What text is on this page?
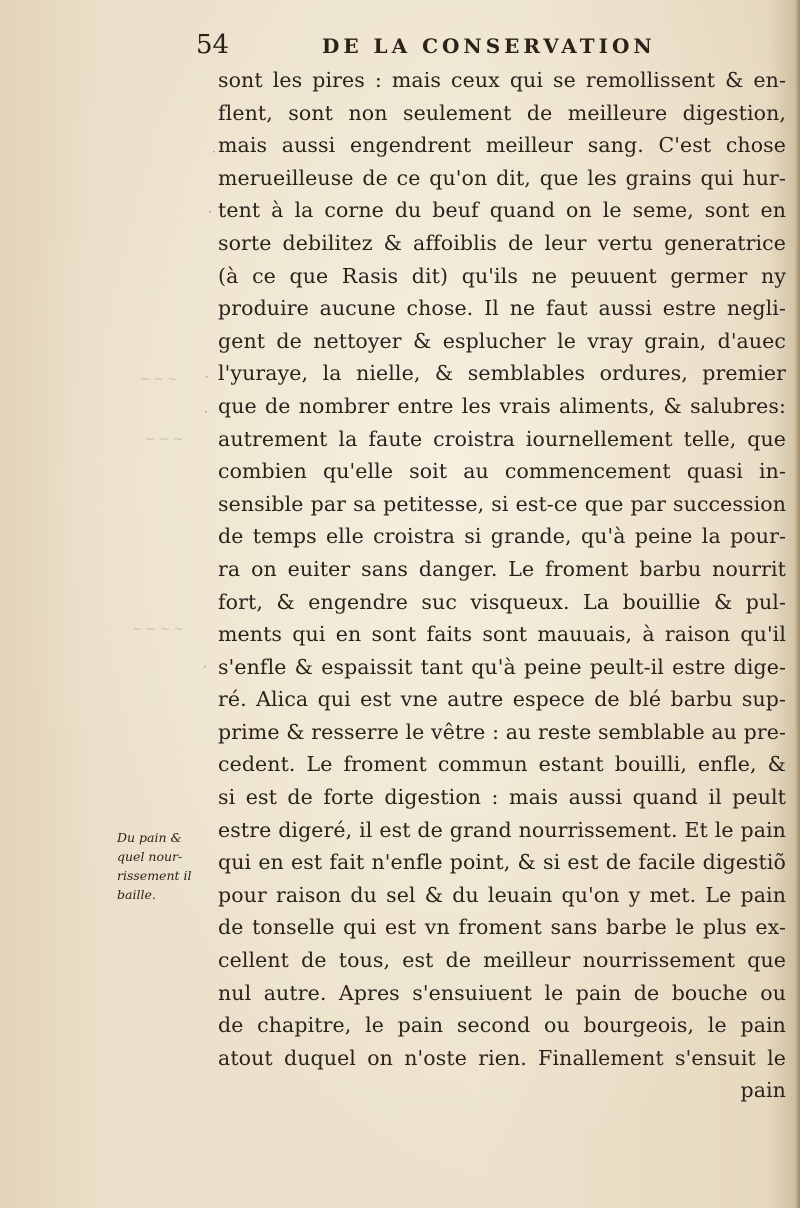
54	DE LA CONSERVATION
sont les pires : mais ceux qui se remollissent & en-
flent, sont non seulement de meilleure digestion,
mais aussi engendrent meilleur sang. C'est chose
merueilleuse de ce qu'on dit, que les grains qui hur-
tent à la corne du beuf quand on le seme, sont en
sorte debilitez & affoiblis de leur vertu generatrice
(à ce que Rasis dit) qu'ils ne peuuent germer ny
produire aucune chose. Il ne faut aussi estre negli-
gent de nettoyer & esplucher le vray grain, d'auec
l'yuraye, la nielle, & semblables ordures, premier
que de nombrer entre les vrais aliments, & salubres:
autrement la faute croistra iournellement telle, que
combien qu'elle soit au commencement quasi in-
sensible par sa petitesse, si est-ce que par succession
de temps elle croistra si grande, qu'à peine la pour-
ra on euiter sans danger. Le froment barbu nourrit
fort, & engendre suc visqueux. La bouillie & pul-
ments qui en sont faits sont mauuais, à raison qu'il
s'enfle & espaissit tant qu'à peine peult-il estre dige-
ré. Alica qui est vne autre espece de blé barbu sup-
prime & resserre le vêtre : au reste semblable au pre-
cedent. Le froment commun estant bouilli, enfle, &
si est de forte digestion : mais aussi quand il peult
estre digeré, il est de grand nourrissement. Et le pain
qui en est fait n'enfle point, & si est de facile digestiõ
pour raison du sel & du leuain qu'on y met. Le pain
de tonselle qui est vn froment sans barbe le plus ex-
cellent de tous, est de meilleur nourrissement que
nul autre. Apres s'ensuiuent le pain de bouche ou
de chapitre, le pain second ou bourgeois, le pain
atout duquel on n'oste rien. Finallement s'ensuit le
pain
Du pain &
quel nour-
rissement il
baille.
·
·
·
·
·
~ ~ ~
~ ~ ~
~ ~ ~ ~
